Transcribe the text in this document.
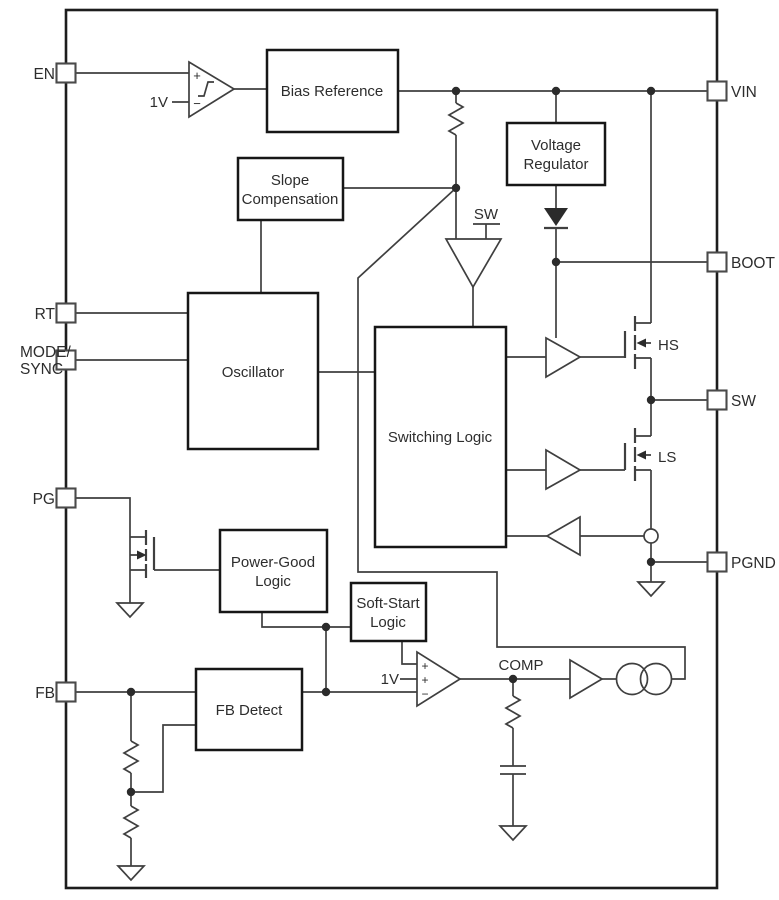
+
−
1V
SW
+
+
−
1V
COMP
HS
LS
Bias Reference
Voltage
Regulator
Slope
Compensation
Oscillator
Switching Logic
Power-Good
Logic
Soft-Start
Logic
FB Detect
EN
RT
MODE/
SYNC
PG
FB
VIN
BOOT
SW
PGND
